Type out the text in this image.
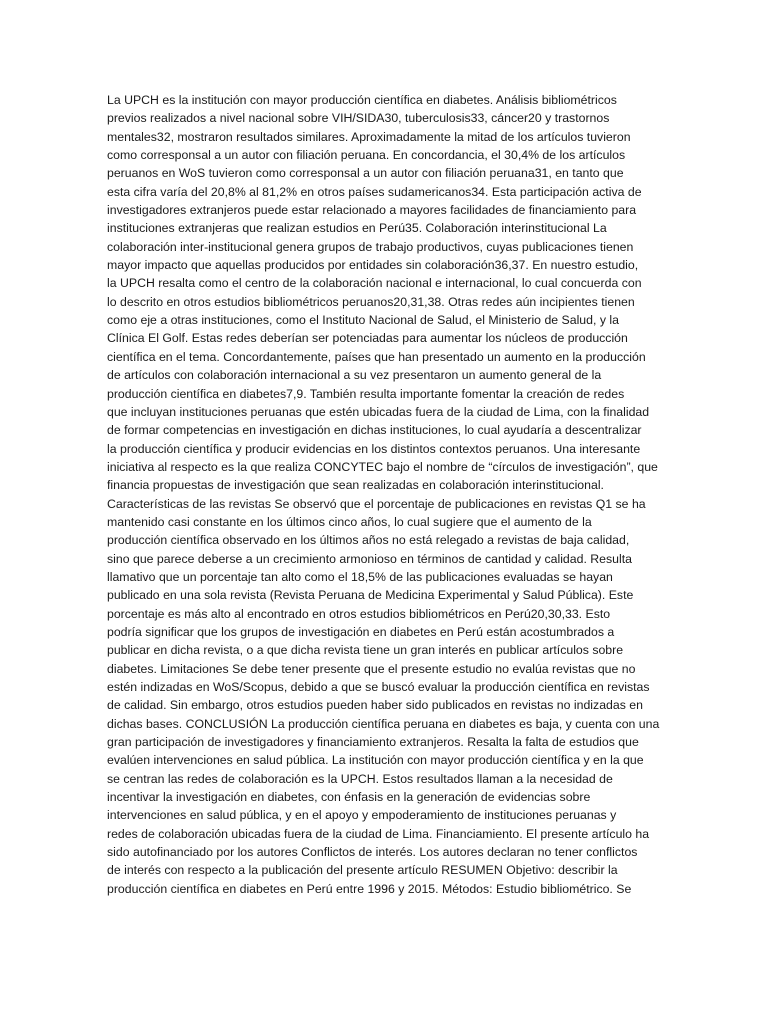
La UPCH es la institución con mayor producción científica en diabetes. Análisis bibliométricos
previos realizados a nivel nacional sobre VIH/SIDA30, tuberculosis33, cáncer20 y trastornos
mentales32, mostraron resultados similares. Aproximadamente la mitad de los artículos tuvieron
como corresponsal a un autor con filiación peruana. En concordancia, el 30,4% de los artículos
peruanos en WoS tuvieron como corresponsal a un autor con filiación peruana31, en tanto que
esta cifra varía del 20,8% al 81,2% en otros países sudamericanos34. Esta participación activa de
investigadores extranjeros puede estar relacionado a mayores facilidades de financiamiento para
instituciones extranjeras que realizan estudios en Perú35. Colaboración interinstitucional La
colaboración inter-institucional genera grupos de trabajo productivos, cuyas publicaciones tienen
mayor impacto que aquellas producidos por entidades sin colaboración36,37. En nuestro estudio,
la UPCH resalta como el centro de la colaboración nacional e internacional, lo cual concuerda con
lo descrito en otros estudios bibliométricos peruanos20,31,38. Otras redes aún incipientes tienen
como eje a otras instituciones, como el Instituto Nacional de Salud, el Ministerio de Salud, y la
Clínica El Golf. Estas redes deberían ser potenciadas para aumentar los núcleos de producción
científica en el tema. Concordantemente, países que han presentado un aumento en la producción
de artículos con colaboración internacional a su vez presentaron un aumento general de la
producción científica en diabetes7,9. También resulta importante fomentar la creación de redes
que incluyan instituciones peruanas que estén ubicadas fuera de la ciudad de Lima, con la finalidad
de formar competencias en investigación en dichas instituciones, lo cual ayudaría a descentralizar
la producción científica y producir evidencias en los distintos contextos peruanos. Una interesante
iniciativa al respecto es la que realiza CONCYTEC bajo el nombre de “círculos de investigación”, que
financia propuestas de investigación que sean realizadas en colaboración interinstitucional.
Características de las revistas Se observó que el porcentaje de publicaciones en revistas Q1 se ha
mantenido casi constante en los últimos cinco años, lo cual sugiere que el aumento de la
producción científica observado en los últimos años no está relegado a revistas de baja calidad,
sino que parece deberse a un crecimiento armonioso en términos de cantidad y calidad. Resulta
llamativo que un porcentaje tan alto como el 18,5% de las publicaciones evaluadas se hayan
publicado en una sola revista (Revista Peruana de Medicina Experimental y Salud Pública). Este
porcentaje es más alto al encontrado en otros estudios bibliométricos en Perú20,30,33. Esto
podría significar que los grupos de investigación en diabetes en Perú están acostumbrados a
publicar en dicha revista, o a que dicha revista tiene un gran interés en publicar artículos sobre
diabetes. Limitaciones Se debe tener presente que el presente estudio no evalúa revistas que no
estén indizadas en WoS/Scopus, debido a que se buscó evaluar la producción científica en revistas
de calidad. Sin embargo, otros estudios pueden haber sido publicados en revistas no indizadas en
dichas bases. CONCLUSIÓN La producción científica peruana en diabetes es baja, y cuenta con una
gran participación de investigadores y financiamiento extranjeros. Resalta la falta de estudios que
evalúen intervenciones en salud pública. La institución con mayor producción científica y en la que
se centran las redes de colaboración es la UPCH. Estos resultados llaman a la necesidad de
incentivar la investigación en diabetes, con énfasis en la generación de evidencias sobre
intervenciones en salud pública, y en el apoyo y empoderamiento de instituciones peruanas y
redes de colaboración ubicadas fuera de la ciudad de Lima. Financiamiento. El presente artículo ha
sido autofinanciado por los autores Conflictos de interés. Los autores declaran no tener conflictos
de interés con respecto a la publicación del presente artículo RESUMEN Objetivo: describir la
producción científica en diabetes en Perú entre 1996 y 2015. Métodos: Estudio bibliométrico. Se
